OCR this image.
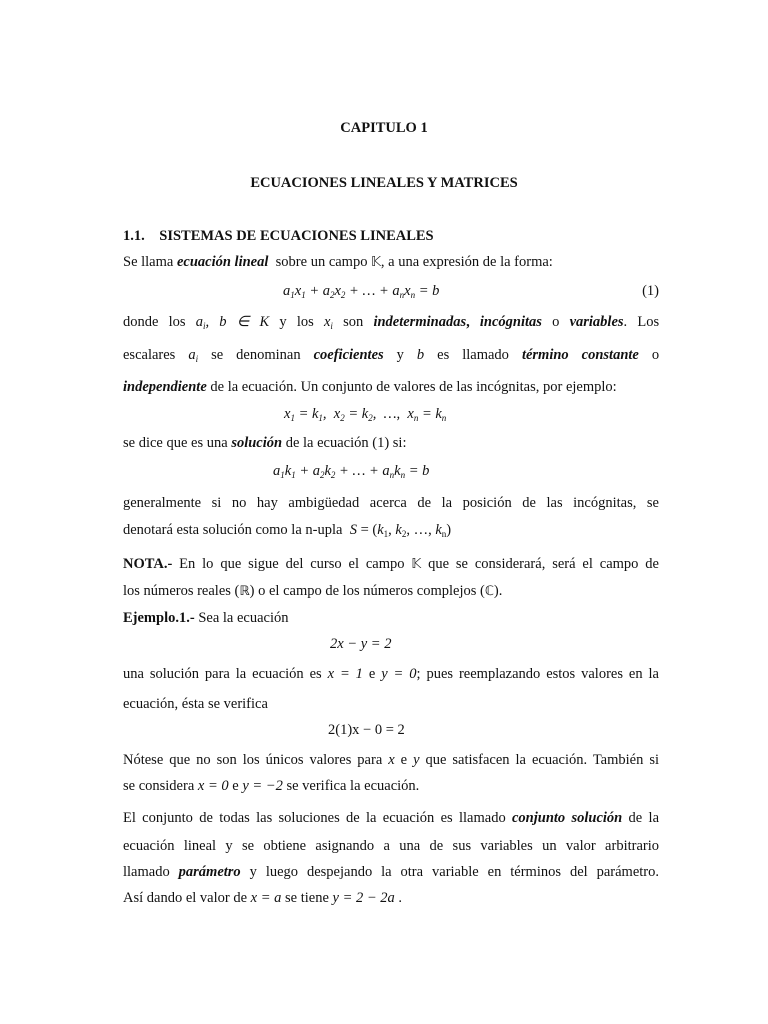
CAPITULO 1
ECUACIONES LINEALES Y MATRICES
1.1. SISTEMAS DE ECUACIONES LINEALES
Se llama ecuación lineal  sobre un campo 𝕂, a una expresión de la forma:
$a_1x_1 + a_2x_2$ + … + $a_nx_n = b$	(1)
donde los $a_i$, b ∈ K y los $x_i$ son indeterminadas, incógnitas o variables. Los
escalares $a_i$ se denominan coeficientes y b es llamado término constante o
independiente de la ecuación. Un conjunto de valores de las incógnitas, por ejemplo:
$x_1 = k_1$,  $x_2 = k_2$,  …,  $x_n = k_n$
se dice que es una solución de la ecuación (1) si:
$a_1k_1 + a_2k_2$ + … + $a_nk_n = b$
generalmente si no hay ambigüedad acerca de la posición de las incógnitas, se
denotará esta solución como la n-upla  $S = (k_1$, $k_2$, …, $k_n$)
NOTA.- En lo que sigue del curso el campo 𝕂 que se considerará, será el campo de
los números reales (ℝ) o el campo de los números complejos (ℂ).
Ejemplo.1.- Sea la ecuación
2x − y = 2
una solución para la ecuación es x = 1 e y = 0; pues reemplazando estos valores en la
ecuación, ésta se verifica
2(1)x − 0 = 2
Nótese que no son los únicos valores para x e y que satisfacen la ecuación. También si
se considera x = 0 e y = −2 se verifica la ecuación.
El conjunto de todas las soluciones de la ecuación es llamado conjunto solución de la
ecuación lineal y se obtiene asignando a una de sus variables un valor arbitrario
llamado parámetro y luego despejando la otra variable en términos del parámetro.
Así dando el valor de x = a se tiene y = 2 − 2a .
